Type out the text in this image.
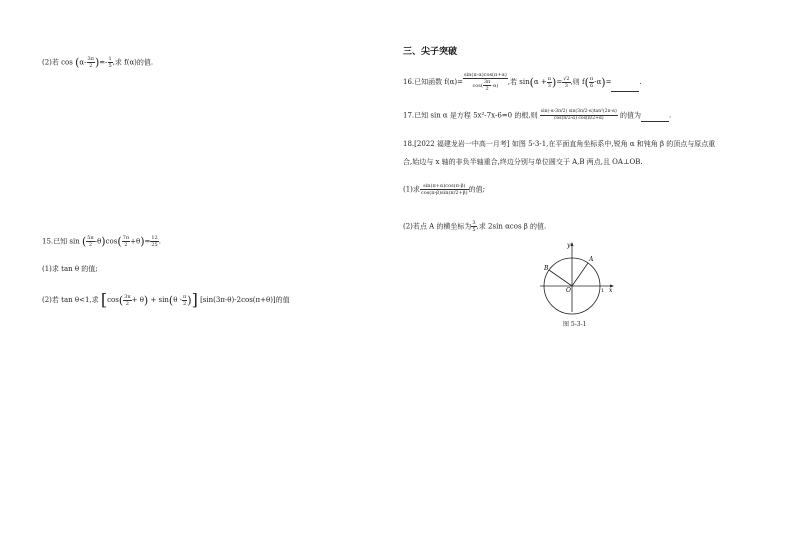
(2)若 $\cos (\alpha- \frac{3\pi}{2}$ )=- $\frac{1}{5}$ ,求 f(α)的值.
15.已知 sin ( $\frac{5\pi}{2} -\theta)\cos( \frac{7\pi}{2} +\theta)= \frac{12}{25}$ .
(1)求 tan θ 的值;
(2)若 tan θ<1,求 [$\cos( \frac{3\pi}{2} + \theta) + \sin(\theta - \frac{\pi}{2}$ )] [sin(3π-θ)-2cos(π+θ)]的值
三、尖子突破
16.已知函数 $f(\alpha)= \frac{\sin(\pi-\alpha)\cos(\pi+\alpha)}{\cos( \frac{3\pi}{2} -\alpha)}$ ,若 $\sin(\alpha + \frac{\pi}{3}$ )= $\frac{√2}{3}$ ,则 $f( \frac{\pi}{6} -\alpha)=$	.
17.已知 sin α 是方程 5x²-7x-6=0 的根,则 $\frac{\text{sin(-α-3π/2) sin(3π/2-α)tan²(2π-α)}}{\cos(\pi/2-\alpha) \cos(\pi/2+\alpha)}$ 的值为	.
18.[2022 福建龙岩一中高一月考] 如图 5-3-1,在平面直角坐标系中,锐角 α 和钝角 β 的顶点与原点重
合,始边与 x 轴的非负半轴重合,终边分别与单位圆交于 A,B 两点,且 OA⊥OB.
(1)求 $\frac{\sin(\pi+\alpha)\cos(\pi-\beta)}{\cos(\pi-\beta)\sin(\pi/2+\beta)}$ 的值;
(2)若点 A 的横坐标为 $\frac{3}{5}$ ,求 2sin αcos β 的值.
y
x
A
B
O	1
图 5-3-1
